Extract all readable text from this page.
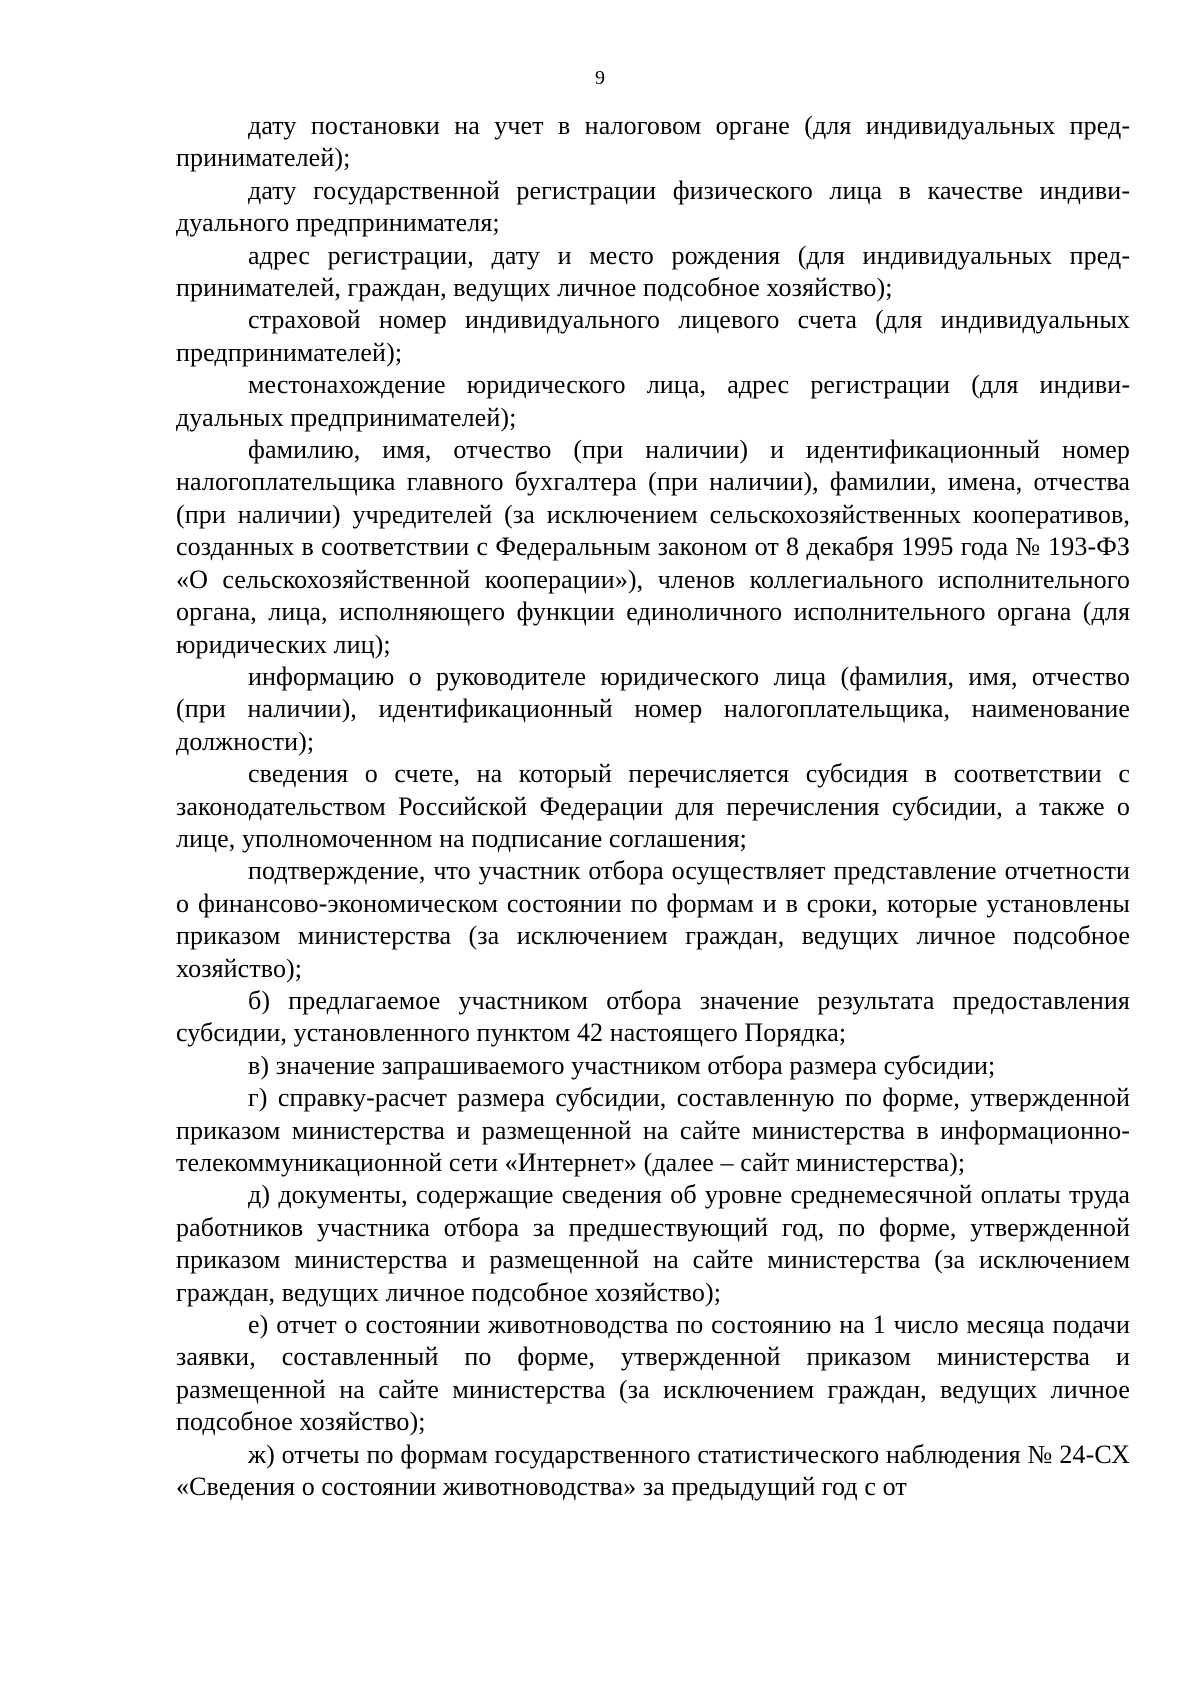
9

дату постановки на учет в налоговом органе (для индивидуальных предпринимателей);

дату государственной регистрации физического лица в качестве индивидуального предпринимателя;

адрес регистрации, дату и место рождения (для индивидуальных предпринимателей, граждан, ведущих личное подсобное хозяйство);

страховой номер индивидуального лицевого счета (для индивидуальных предпринимателей);

местонахождение юридического лица, адрес регистрации (для индивидуальных предпринимателей);

фамилию, имя, отчество (при наличии) и идентификационный номер налогоплательщика главного бухгалтера (при наличии), фамилии, имена, отчества (при наличии) учредителей (за исключением сельскохозяйственных кооперативов, созданных в соответствии с Федеральным законом от 8 декабря 1995 года № 193-ФЗ «О сельскохозяйственной кооперации»), членов коллегиального исполнительного органа, лица, исполняющего функции единоличного исполнительного органа (для юридических лиц);

информацию о руководителе юридического лица (фамилия, имя, отчество (при наличии), идентификационный номер налогоплательщика, наименование должности);

сведения о счете, на который перечисляется субсидия в соответствии с законодательством Российской Федерации для перечисления субсидии, а также о лице, уполномоченном на подписание соглашения;

подтверждение, что участник отбора осуществляет представление отчетности о финансово-экономическом состоянии по формам и в сроки, которые установлены приказом министерства (за исключением граждан, ведущих личное подсобное хозяйство);

б) предлагаемое участником отбора значение результата предоставления субсидии, установленного пунктом 42 настоящего Порядка;

в) значение запрашиваемого участником отбора размера субсидии;

г) справку-расчет размера субсидии, составленную по форме, утвержденной приказом министерства и размещенной на сайте министерства в информационно-телекоммуникационной сети «Интернет» (далее – сайт министерства);

д) документы, содержащие сведения об уровне среднемесячной оплаты труда работников участника отбора за предшествующий год, по форме, утвержденной приказом министерства и размещенной на сайте министерства (за исключением граждан, ведущих личное подсобное хозяйство);

е) отчет о состоянии животноводства по состоянию на 1 число месяца подачи заявки, составленный по форме, утвержденной приказом министерства и размещенной на сайте министерства (за исключением граждан, ведущих личное подсобное хозяйство);

ж) отчеты по формам государственного статистического наблюдения № 24-СХ «Сведения о состоянии животноводства» за предыдущий год с от
